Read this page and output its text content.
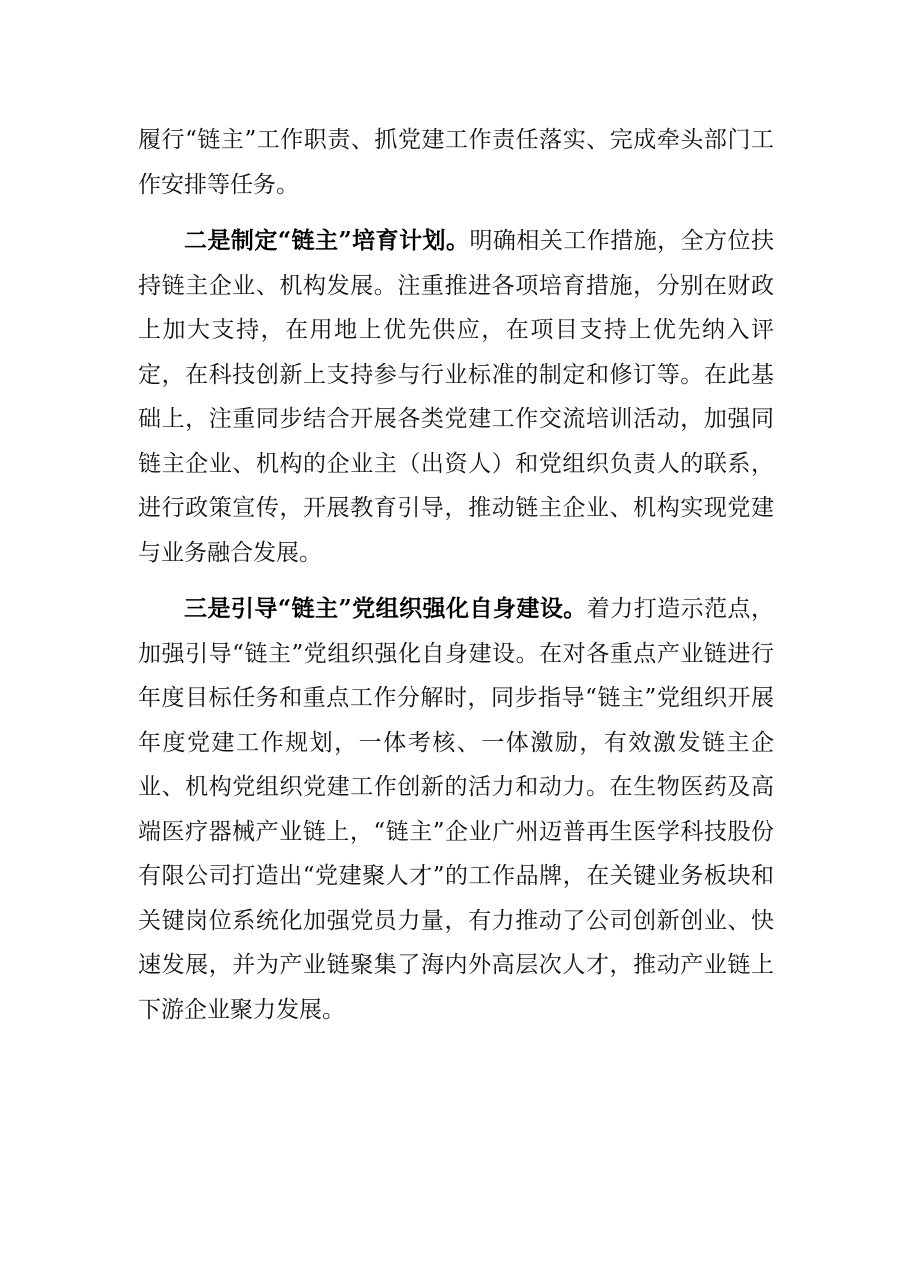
履行“链主”工作职责、抓党建工作责任落实、完成牵头部门工作安排等任务。

二是制定“链主”培育计划。明确相关工作措施，全方位扶持链主企业、机构发展。注重推进各项培育措施，分别在财政上加大支持，在用地上优先供应，在项目支持上优先纳入评定，在科技创新上支持参与行业标准的制定和修订等。在此基础上，注重同步结合开展各类党建工作交流培训活动，加强同链主企业、机构的企业主（出资人）和党组织负责人的联系，进行政策宣传，开展教育引导，推动链主企业、机构实现党建与业务融合发展。

三是引导“链主”党组织强化自身建设。着力打造示范点，加强引导“链主”党组织强化自身建设。在对各重点产业链进行年度目标任务和重点工作分解时，同步指导“链主”党组织开展年度党建工作规划，一体考核、一体激励，有效激发链主企业、机构党组织党建工作创新的活力和动力。在生物医药及高端医疗器械产业链上，“链主”企业广州迈普再生医学科技股份有限公司打造出“党建聚人才”的工作品牌，在关键业务板块和关键岗位系统化加强党员力量，有力推动了公司创新创业、快速发展，并为产业链聚集了海内外高层次人才，推动产业链上下游企业聚力发展。
